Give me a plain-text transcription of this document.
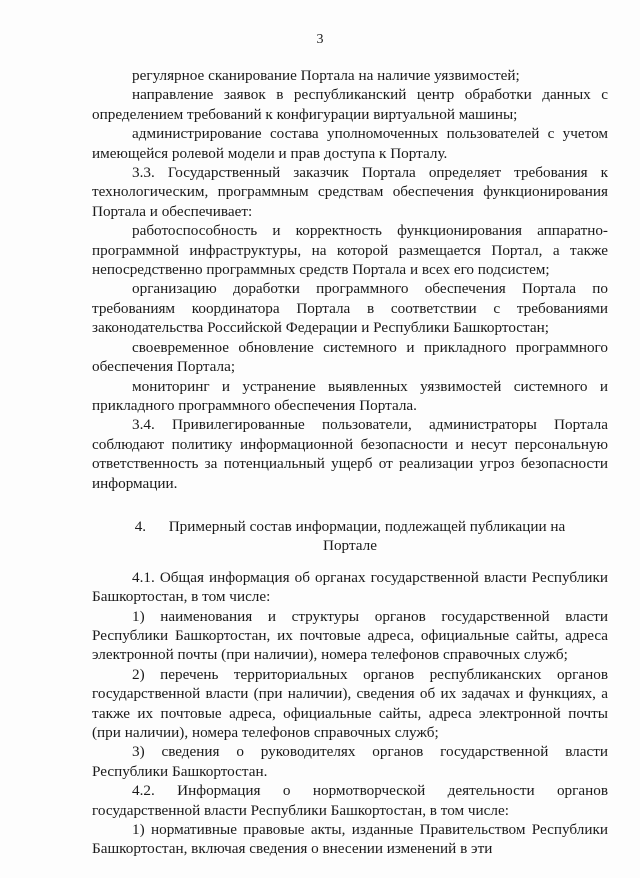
3

регулярное сканирование Портала на наличие уязвимостей;

направление заявок в республиканский центр обработки данных с определением требований к конфигурации виртуальной машины;

администрирование состава уполномоченных пользователей с учетом имеющейся ролевой модели и прав доступа к Порталу.

3.3. Государственный заказчик Портала определяет требования к технологическим, программным средствам обеспечения функционирования Портала и обеспечивает:

работоспособность и корректность функционирования аппаратно-программной инфраструктуры, на которой размещается Портал, а также непосредственно программных средств Портала и всех его подсистем;

организацию доработки программного обеспечения Портала по требованиям координатора Портала в соответствии с требованиями законодательства Российской Федерации и Республики Башкортостан;

своевременное обновление системного и прикладного программного обеспечения Портала;

мониторинг и устранение выявленных уязвимостей системного и прикладного программного обеспечения Портала.

3.4. Привилегированные пользователи, администраторы Портала соблюдают политику информационной безопасности и несут персональную ответственность за потенциальный ущерб от реализации угроз безопасности информации.

4. Примерный состав информации, подлежащей публикации на
Портале

4.1. Общая информация об органах государственной власти Республики Башкортостан, в том числе:

1) наименования и структуры органов государственной власти Республики Башкортостан, их почтовые адреса, официальные сайты, адреса электронной почты (при наличии), номера телефонов справочных служб;

2) перечень территориальных органов республиканских органов государственной власти (при наличии), сведения об их задачах и функциях, а также их почтовые адреса, официальные сайты, адреса электронной почты (при наличии), номера телефонов справочных служб;

3) сведения о руководителях органов государственной власти Республики Башкортостан.

4.2. Информация о нормотворческой деятельности органов государственной власти Республики Башкортостан, в том числе:

1) нормативные правовые акты, изданные Правительством Республики Башкортостан, включая сведения о внесении изменений в эти
